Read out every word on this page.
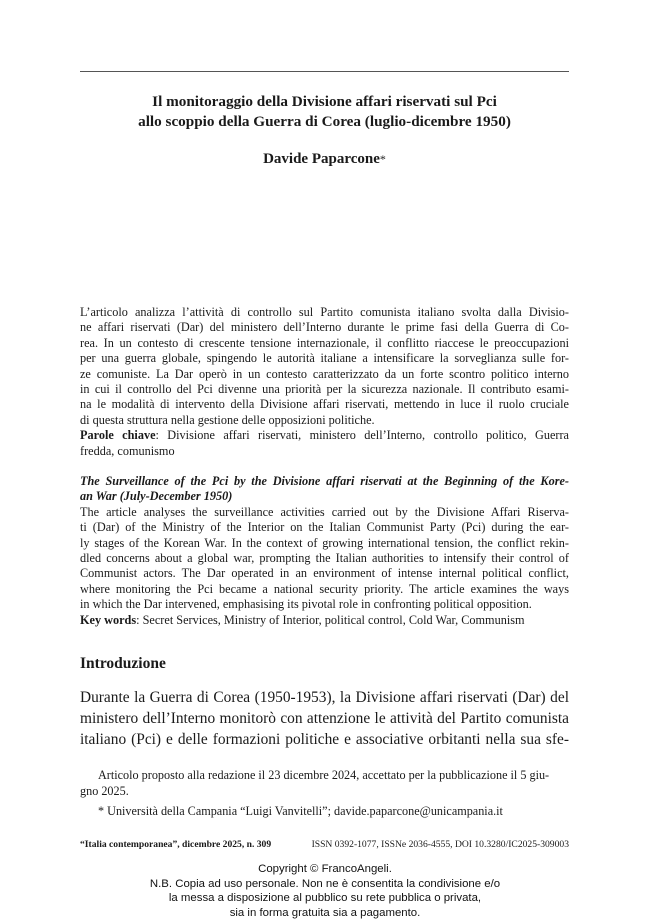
Il monitoraggio della Divisione affari riservati sul Pci
allo scoppio della Guerra di Corea (luglio-dicembre 1950)
Davide Paparcone*
L’articolo analizza l’attività di controllo sul Partito comunista italiano svolta dalla Divisio-
ne affari riservati (Dar) del ministero dell’Interno durante le prime fasi della Guerra di Co-
rea. In un contesto di crescente tensione internazionale, il conflitto riaccese le preoccupazioni
per una guerra globale, spingendo le autorità italiane a intensificare la sorveglianza sulle for-
ze comuniste. La Dar operò in un contesto caratterizzato da un forte scontro politico interno
in cui il controllo del Pci divenne una priorità per la sicurezza nazionale. Il contributo esami-
na le modalità di intervento della Divisione affari riservati, mettendo in luce il ruolo cruciale
di questa struttura nella gestione delle opposizioni politiche.
Parole chiave: Divisione affari riservati, ministero dell’Interno, controllo politico, Guerra
fredda, comunismo
The Surveillance of the Pci by the Divisione affari riservati at the Beginning of the Kore-
an War (July-December 1950)
The article analyses the surveillance activities carried out by the Divisione Affari Riserva-
ti (Dar) of the Ministry of the Interior on the Italian Communist Party (Pci) during the ear-
ly stages of the Korean War. In the context of growing international tension, the conflict rekin-
dled concerns about a global war, prompting the Italian authorities to intensify their control of
Communist actors. The Dar operated in an environment of intense internal political conflict,
where monitoring the Pci became a national security priority. The article examines the ways
in which the Dar intervened, emphasising its pivotal role in confronting political opposition.
Key words: Secret Services, Ministry of Interior, political control, Cold War, Communism
Introduzione
Durante la Guerra di Corea (1950-1953), la Divisione affari riservati (Dar) del
ministero dell’Interno monitorò con attenzione le attività del Partito comunista
italiano (Pci) e delle formazioni politiche e associative orbitanti nella sua sfe-
Articolo proposto alla redazione il 23 dicembre 2024, accettato per la pubblicazione il 5 giu-
gno 2025.
* Università della Campania “Luigi Vanvitelli”; davide.paparcone@unicampania.it
“Italia contemporanea”, dicembre 2025, n. 309	ISSN 0392-1077, ISSNe 2036-4555, DOI 10.3280/IC2025-309003
Copyright © FrancoAngeli.
N.B. Copia ad uso personale. Non ne è consentita la condivisione e/o
la messa a disposizione al pubblico su rete pubblica o privata,
sia in forma gratuita sia a pagamento.
